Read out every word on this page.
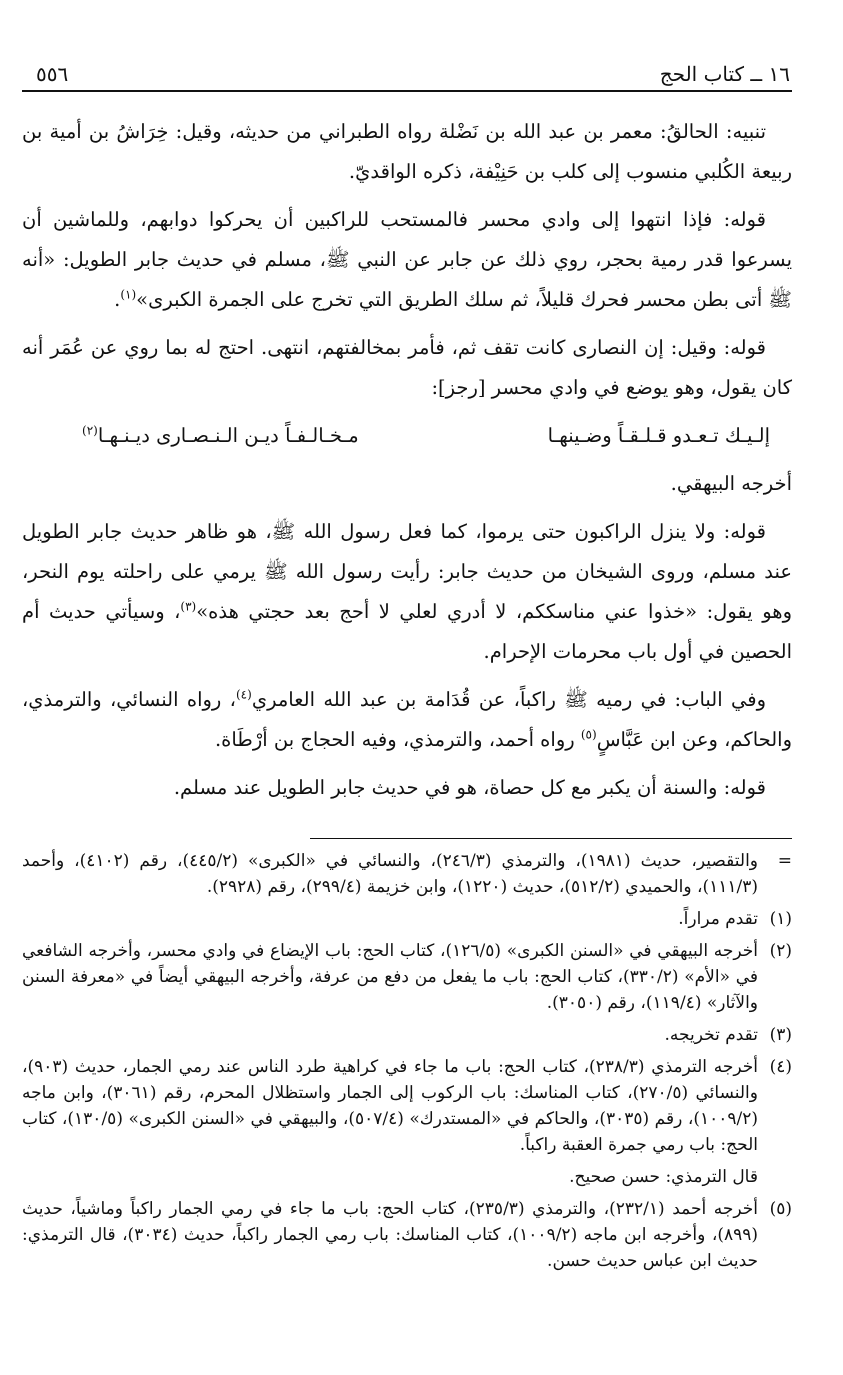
٥٥٦	١٦ ــ كتاب الحج

تنبيه: الحالقُ: معمر بن عبد الله بن نَضْلة رواه الطبراني من حديثه، وقيل: خِرَاشُ بن أمية بن ربيعة الكُلبي منسوب إلى كلب بن حَنِيْفة، ذكره الواقديّ.

قوله: فإذا انتهوا إلى وادي محسر فالمستحب للراكبين أن يحركوا دوابهم، وللماشين أن يسرعوا قدر رمية بحجر، روي ذلك عن جابر عن النبي ﷺ، مسلم في حديث جابر الطويل: «أنه ﷺ أتى بطن محسر فحرك قليلاً، ثم سلك الطريق التي تخرج على الجمرة الكبرى»$^{(١)}$.

قوله: وقيل: إن النصارى كانت تقف ثم، فأمر بمخالفتهم، انتهى. احتج له بما روي عن عُمَر أنه كان يقول، وهو يوضع في وادي محسر [رجز]:

إلـيـك تـعـدو قـلـقـاً وضـينهـا
مـخـالـفـاً ديـن الـنـصـارى ديـنـهـا$^{(٢)}$

أخرجه البيهقي.

قوله: ولا ينزل الراكبون حتى يرموا، كما فعل رسول الله ﷺ، هو ظاهر حديث جابر الطويل عند مسلم، وروى الشيخان من حديث جابر: رأيت رسول الله ﷺ يرمي على راحلته يوم النحر، وهو يقول: «خذوا عني مناسككم، لا أدري لعلي لا أحج بعد حجتي هذه»$^{(٣)}$، وسيأتي حديث أم الحصين في أول باب محرمات الإحرام.

وفي الباب: في رميه ﷺ راكباً، عن قُدَامة بن عبد الله العامري$^{(٤)}$، رواه النسائي، والترمذي، والحاكم، وعن ابن عَبَّاسٍ$^{(٥)}$ رواه أحمد، والترمذي، وفيه الحجاج بن أرْطَاة.

قوله: والسنة أن يكبر مع كل حصاة، هو في حديث جابر الطويل عند مسلم.

=
والتقصير، حديث (١٩٨١)، والترمذي (٢٤٦/٣)، والنسائي في «الكبرى» (٤٤٥/٢)، رقم (٤١٠٢)، وأحمد (١١١/٣)، والحميدي (٥١٢/٢)، حديث (١٢٢٠)، وابن خزيمة (٢٩٩/٤)، رقم (٢٩٢٨).
(١)
تقدم مراراً.
(٢)
أخرجه البيهقي في «السنن الكبرى» (١٢٦/٥)، كتاب الحج: باب الإيضاع في وادي محسر، وأخرجه الشافعي في «الأم» (٣٣٠/٢)، كتاب الحج: باب ما يفعل من دفع من عرفة، وأخرجه البيهقي أيضاً في «معرفة السنن والآثار» (١١٩/٤)، رقم (٣٠٥٠).
(٣)
تقدم تخريجه.
(٤)
أخرجه الترمذي (٢٣٨/٣)، كتاب الحج: باب ما جاء في كراهية طرد الناس عند رمي الجمار، حديث (٩٠٣)، والنسائي (٢٧٠/٥)، كتاب المناسك: باب الركوب إلى الجمار واستظلال المحرم، رقم (٣٠٦١)، وابن ماجه (١٠٠٩/٢)، رقم (٣٠٣٥)، والحاكم في «المستدرك» (٥٠٧/٤)، والبيهقي في «السنن الكبرى» (١٣٠/٥)، كتاب الحج: باب رمي جمرة العقبة راكباً.
قال الترمذي: حسن صحيح.
(٥)
أخرجه أحمد (٢٣٢/١)، والترمذي (٢٣٥/٣)، كتاب الحج: باب ما جاء في رمي الجمار راكباً وماشياً، حديث (٨٩٩)، وأخرجه ابن ماجه (١٠٠٩/٢)، كتاب المناسك: باب رمي الجمار راكباً، حديث (٣٠٣٤)، قال الترمذي: حديث ابن عباس حديث حسن.
